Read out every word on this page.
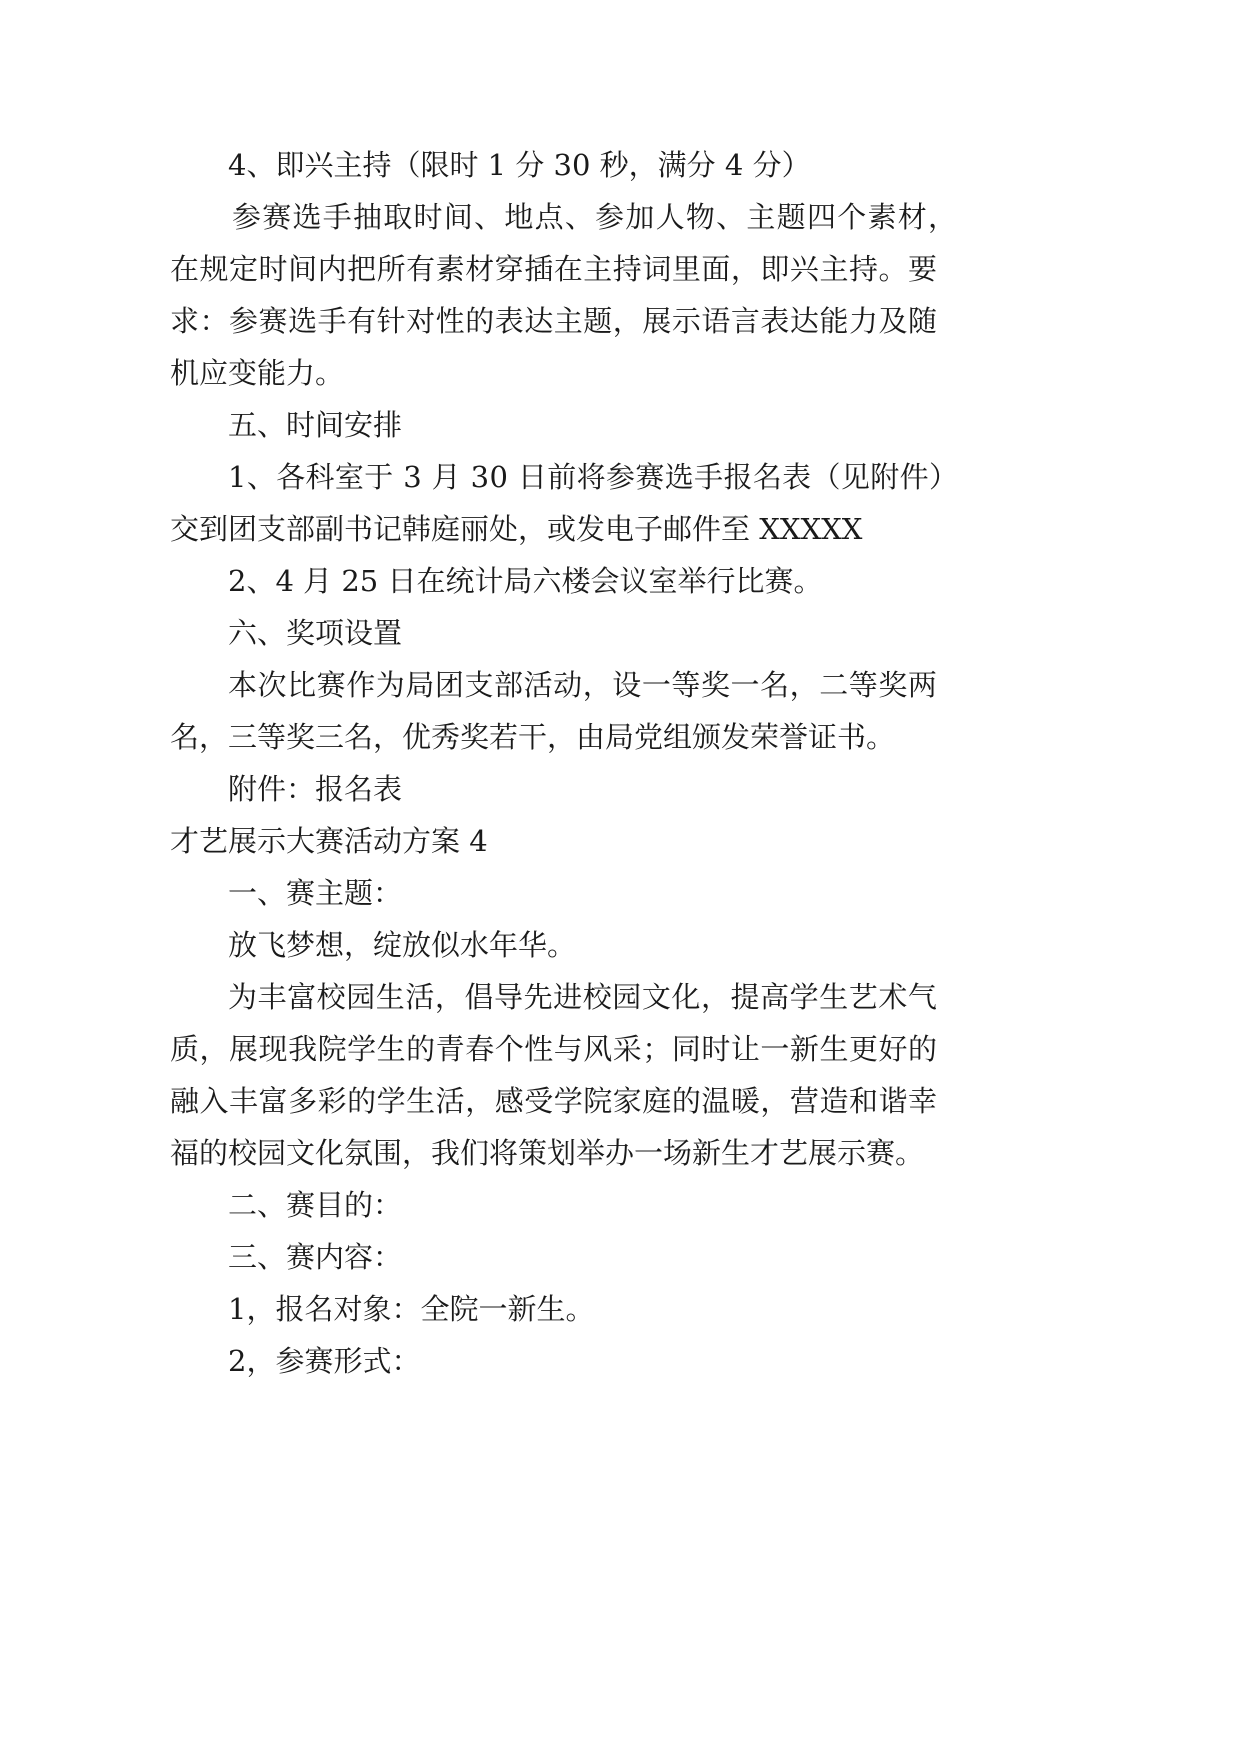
4、即兴主持（限时 1 分 30 秒，满分 4 分）
参赛选手抽取时间、地点、参加人物、主题四个素材，
在规定时间内把所有素材穿插在主持词里面，即兴主持。要
求：参赛选手有针对性的表达主题，展示语言表达能力及随
机应变能力。
五、时间安排
1、各科室于 3 月 30 日前将参赛选手报名表（见附件）
交到团支部副书记韩庭丽处，或发电子邮件至 XXXXX
2、4 月 25 日在统计局六楼会议室举行比赛。
六、奖项设置
本次比赛作为局团支部活动，设一等奖一名，二等奖两
名，三等奖三名，优秀奖若干，由局党组颁发荣誉证书。
附件：报名表
才艺展示大赛活动方案 4
一、赛主题：
放飞梦想，绽放似水年华。
为丰富校园生活，倡导先进校园文化，提高学生艺术气
质，展现我院学生的青春个性与风采；同时让一新生更好的
融入丰富多彩的学生活，感受学院家庭的温暖，营造和谐幸
福的校园文化氛围，我们将策划举办一场新生才艺展示赛。
二、赛目的：
三、赛内容：
1，报名对象：全院一新生。
2，参赛形式：
